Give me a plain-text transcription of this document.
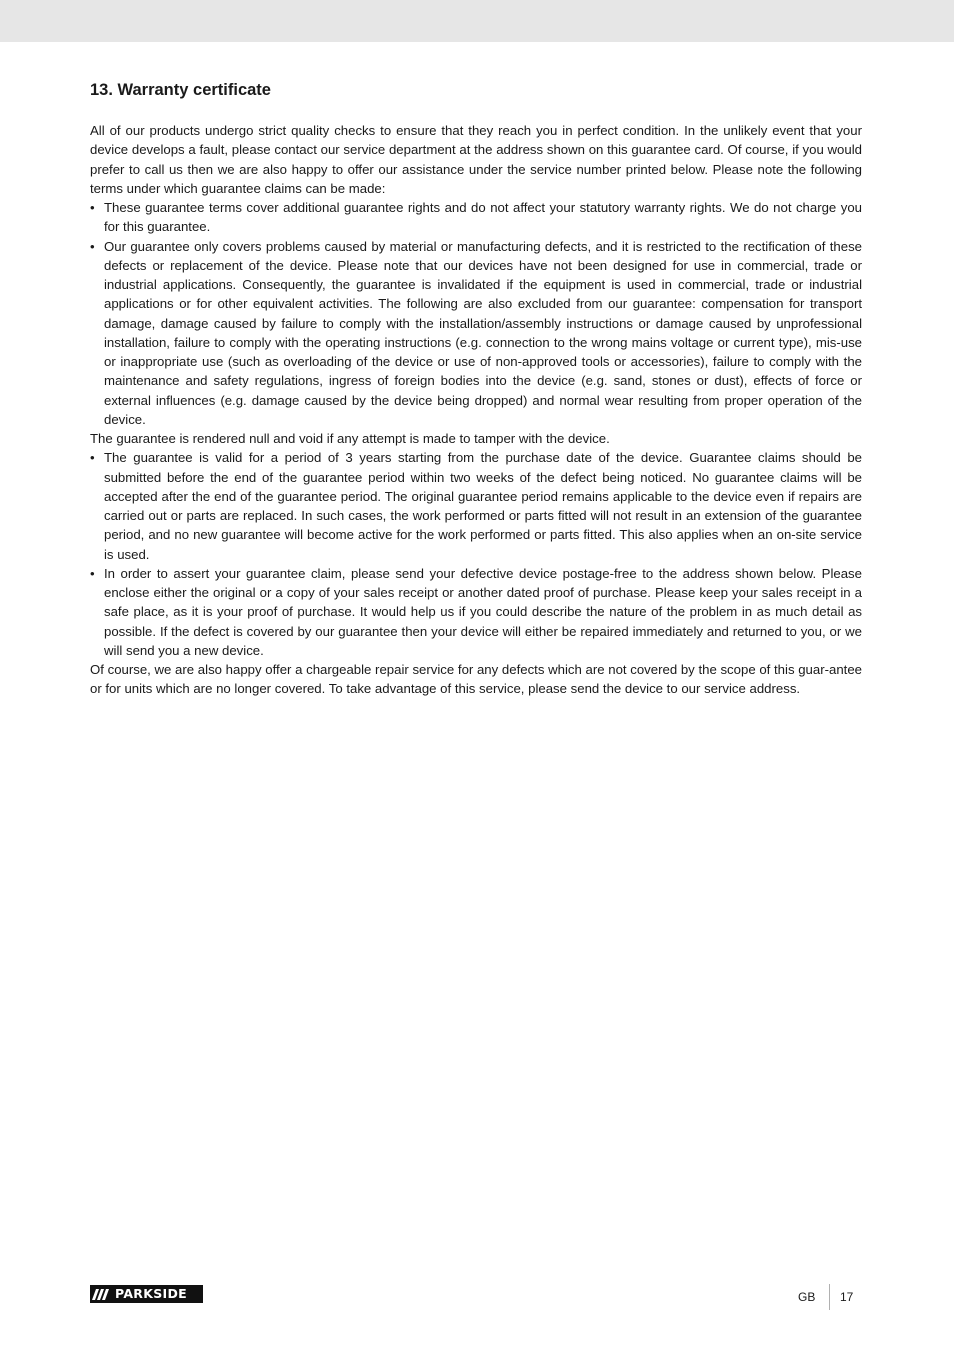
13. Warranty certificate

All of our products undergo strict quality checks to ensure that they reach you in perfect condition. In the unlikely event that your device develops a fault, please contact our service department at the address shown on this guarantee card. Of course, if you would prefer to call us then we are also happy to offer our assistance under the service number printed below. Please note the following terms under which guarantee claims can be made:

• These guarantee terms cover additional guarantee rights and do not affect your statutory warranty rights. We do not charge you for this guarantee.
• Our guarantee only covers problems caused by material or manufacturing defects, and it is restricted to the rectification of these defects or replacement of the device. Please note that our devices have not been designed for use in commercial, trade or industrial applications. Consequently, the guarantee is invalidated if the equipment is used in commercial, trade or industrial applications or for other equivalent activities. The following are also excluded from our guarantee: compensation for transport damage, damage caused by failure to comply with the installation/assembly instructions or damage caused by unprofessional installation, failure to comply with the operating instructions (e.g. connection to the wrong mains voltage or current type), mis-use or inappropriate use (such as overloading of the device or use of non-approved tools or accessories), failure to comply with the maintenance and safety regulations, ingress of foreign bodies into the device (e.g. sand, stones or dust), effects of force or external influences (e.g. damage caused by the device being dropped) and normal wear resulting from proper operation of the device.

The guarantee is rendered null and void if any attempt is made to tamper with the device.

• The guarantee is valid for a period of 3 years starting from the purchase date of the device. Guarantee claims should be submitted before the end of the guarantee period within two weeks of the defect being noticed. No guarantee claims will be accepted after the end of the guarantee period. The original guarantee period remains applicable to the device even if repairs are carried out or parts are replaced. In such cases, the work performed or parts fitted will not result in an extension of the guarantee period, and no new guarantee will become active for the work performed or parts fitted. This also applies when an on-site service is used.
• In order to assert your guarantee claim, please send your defective device postage-free to the address shown below. Please enclose either the original or a copy of your sales receipt or another dated proof of purchase. Please keep your sales receipt in a safe place, as it is your proof of purchase. It would help us if you could describe the nature of the problem in as much detail as possible. If the defect is covered by our guarantee then your device will either be repaired immediately and returned to you, or we will send you a new device.

Of course, we are also happy offer a chargeable repair service for any defects which are not covered by the scope of this guar-antee or for units which are no longer covered. To take advantage of this service, please send the device to our service address.

PARKSIDE	GB 17
